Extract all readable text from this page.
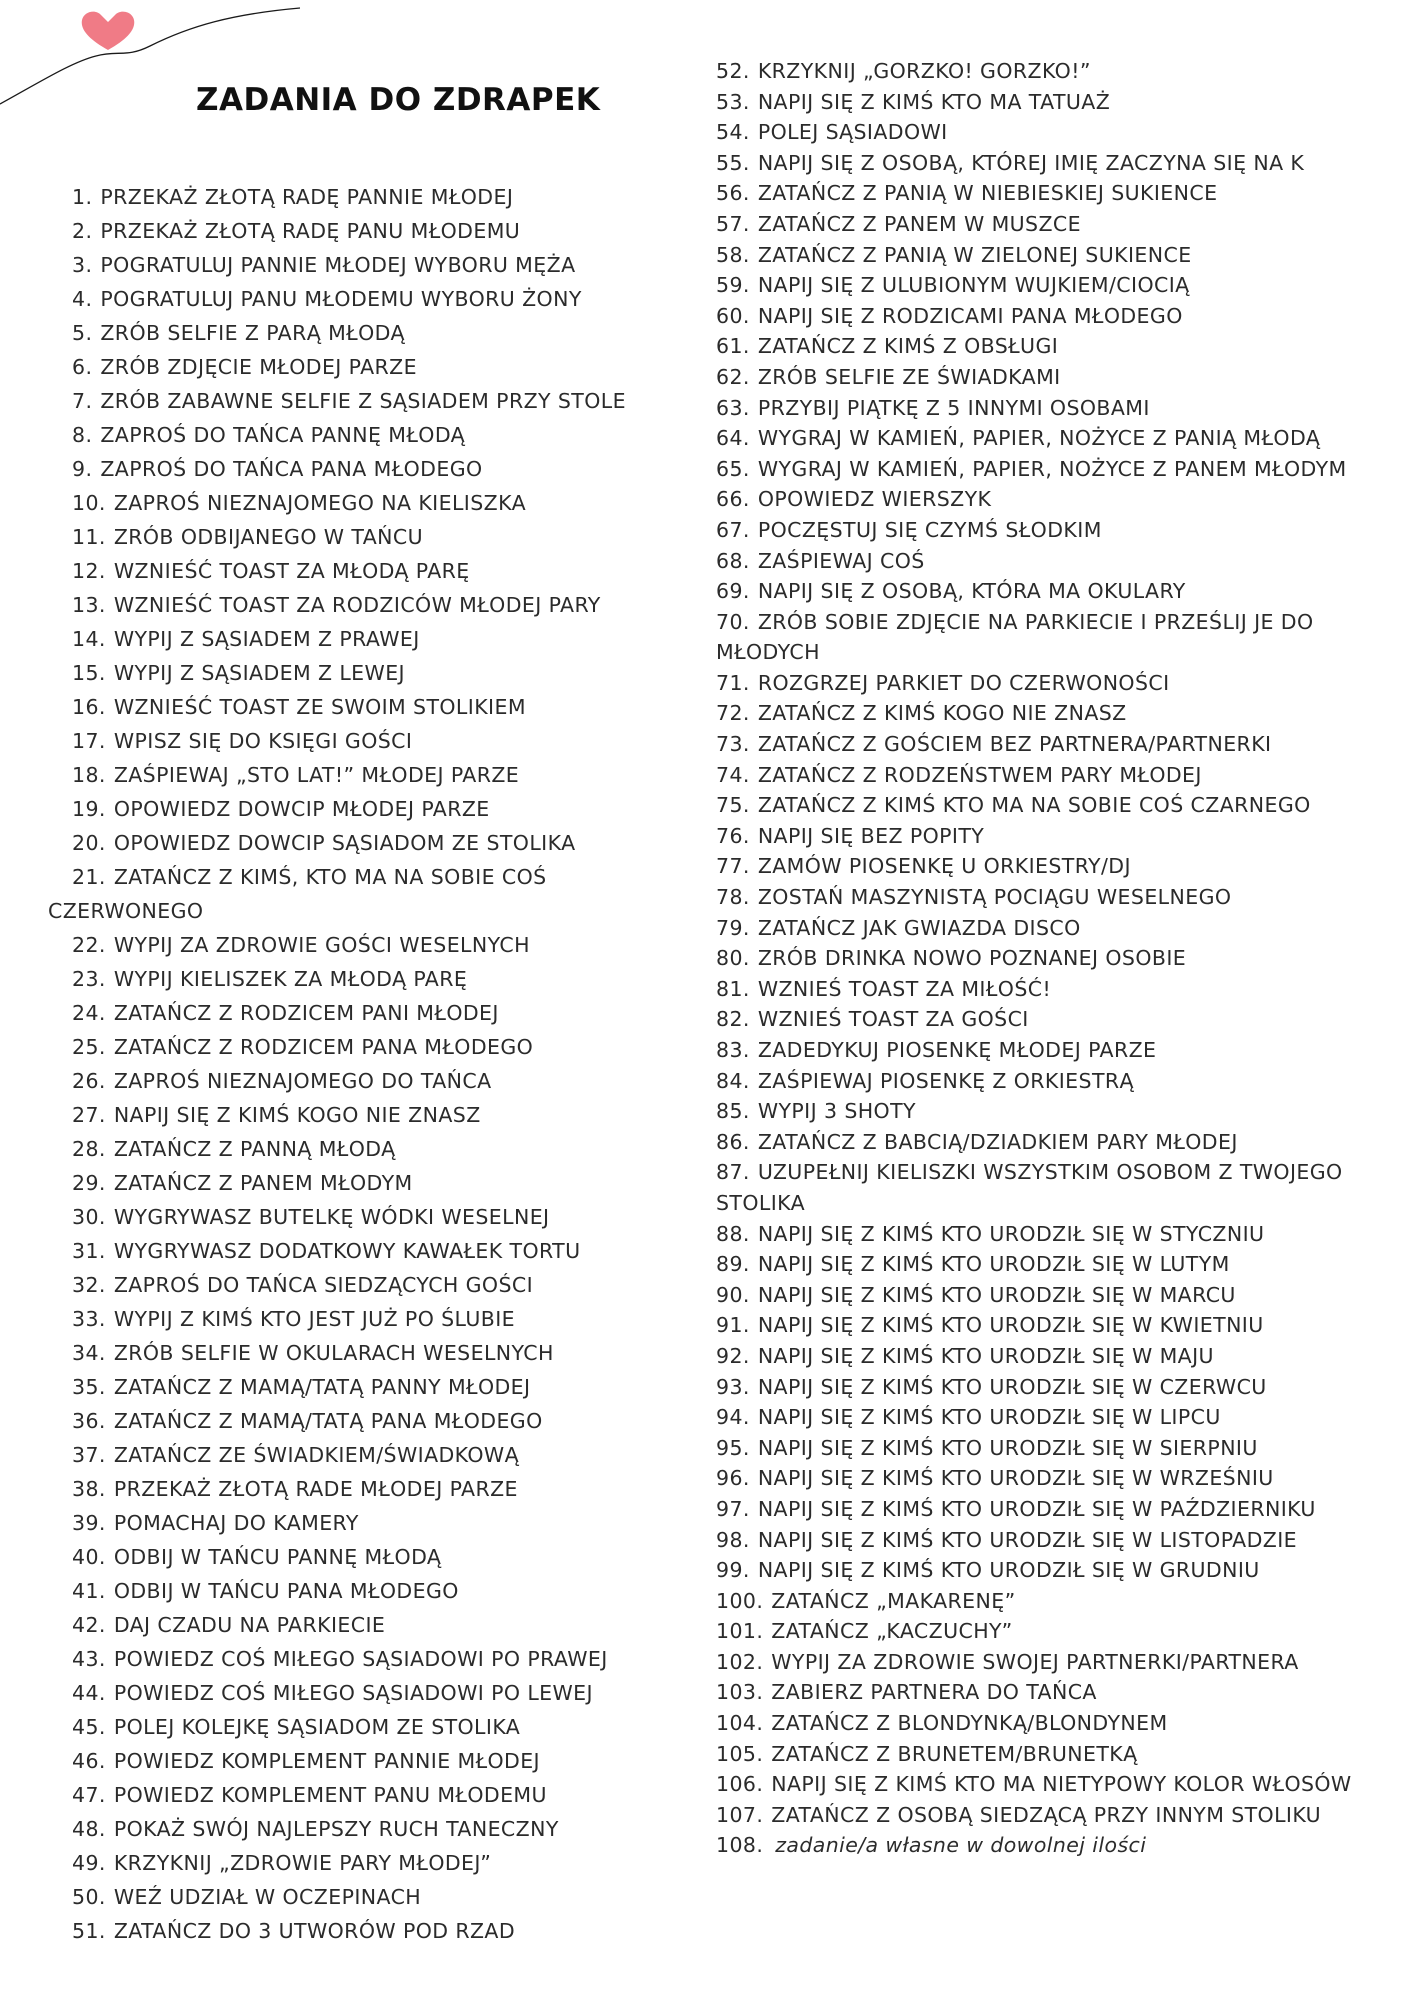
ZADANIA DO ZDRAPEK
1. PRZEKAŻ ZŁOTĄ RADĘ PANNIE MŁODEJ
2. PRZEKAŻ ZŁOTĄ RADĘ PANU MŁODEMU
3. POGRATULUJ PANNIE MŁODEJ WYBORU MĘŻA
4. POGRATULUJ PANU MŁODEMU WYBORU ŻONY
5. ZRÓB SELFIE Z PARĄ MŁODĄ
6. ZRÓB ZDJĘCIE MŁODEJ PARZE
7. ZRÓB ZABAWNE SELFIE Z SĄSIADEM PRZY STOLE
8. ZAPROŚ DO TAŃCA PANNĘ MŁODĄ
9. ZAPROŚ DO TAŃCA PANA MŁODEGO
10. ZAPROŚ NIEZNAJOMEGO NA KIELISZKA
11. ZRÓB ODBIJANEGO W TAŃCU
12. WZNIEŚĆ TOAST ZA MŁODĄ PARĘ
13. WZNIEŚĆ TOAST ZA RODZICÓW MŁODEJ PARY
14. WYPIJ Z SĄSIADEM Z PRAWEJ
15. WYPIJ Z SĄSIADEM Z LEWEJ
16. WZNIEŚĆ TOAST ZE SWOIM STOLIKIEM
17. WPISZ SIĘ DO KSIĘGI GOŚCI
18. ZAŚPIEWAJ „STO LAT!” MŁODEJ PARZE
19. OPOWIEDZ DOWCIP MŁODEJ PARZE
20. OPOWIEDZ DOWCIP SĄSIADOM ZE STOLIKA
21. ZATAŃCZ Z KIMŚ, KTO MA NA SOBIE COŚ CZERWONEGO
22. WYPIJ ZA ZDROWIE GOŚCI WESELNYCH
23. WYPIJ KIELISZEK ZA MŁODĄ PARĘ
24. ZATAŃCZ Z RODZICEM PANI MŁODEJ
25. ZATAŃCZ Z RODZICEM PANA MŁODEGO
26. ZAPROŚ NIEZNAJOMEGO DO TAŃCA
27. NAPIJ SIĘ Z KIMŚ KOGO NIE ZNASZ
28. ZATAŃCZ Z PANNĄ MŁODĄ
29. ZATAŃCZ Z PANEM MŁODYM
30. WYGRYWASZ BUTELKĘ WÓDKI WESELNEJ
31. WYGRYWASZ DODATKOWY KAWAŁEK TORTU
32. ZAPROŚ DO TAŃCA SIEDZĄCYCH GOŚCI
33. WYPIJ Z KIMŚ KTO JEST JUŻ PO ŚLUBIE
34. ZRÓB SELFIE W OKULARACH WESELNYCH
35. ZATAŃCZ Z MAMĄ/TATĄ PANNY MŁODEJ
36. ZATAŃCZ Z MAMĄ/TATĄ PANA MŁODEGO
37. ZATAŃCZ ZE ŚWIADKIEM/ŚWIADKOWĄ
38. PRZEKAŻ ZŁOTĄ RADE MŁODEJ PARZE
39. POMACHAJ DO KAMERY
40. ODBIJ W TAŃCU PANNĘ MŁODĄ
41. ODBIJ W TAŃCU PANA MŁODEGO
42. DAJ CZADU NA PARKIECIE
43. POWIEDZ COŚ MIŁEGO SĄSIADOWI PO PRAWEJ
44. POWIEDZ COŚ MIŁEGO SĄSIADOWI PO LEWEJ
45. POLEJ KOLEJKĘ SĄSIADOM ZE STOLIKA
46. POWIEDZ KOMPLEMENT PANNIE MŁODEJ
47. POWIEDZ KOMPLEMENT PANU MŁODEMU
48. POKAŻ SWÓJ NAJLEPSZY RUCH TANECZNY
49. KRZYKNIJ „ZDROWIE PARY MŁODEJ”
50. WEŹ UDZIAŁ W OCZEPINACH
51. ZATAŃCZ DO 3 UTWORÓW POD RZAD
52. KRZYKNIJ „GORZKO! GORZKO!”
53. NAPIJ SIĘ Z KIMŚ KTO MA TATUAŻ
54. POLEJ SĄSIADOWI
55. NAPIJ SIĘ Z OSOBĄ, KTÓREJ IMIĘ ZACZYNA SIĘ NA K
56. ZATAŃCZ Z PANIĄ W NIEBIESKIEJ SUKIENCE
57. ZATAŃCZ Z PANEM W MUSZCE
58. ZATAŃCZ Z PANIĄ W ZIELONEJ SUKIENCE
59. NAPIJ SIĘ Z ULUBIONYM WUJKIEM/CIOCIĄ
60. NAPIJ SIĘ Z RODZICAMI PANA MŁODEGO
61. ZATAŃCZ Z KIMŚ Z OBSŁUGI
62. ZRÓB SELFIE ZE ŚWIADKAMI
63. PRZYBIJ PIĄTKĘ Z 5 INNYMI OSOBAMI
64. WYGRAJ W KAMIEŃ, PAPIER, NOŻYCE Z PANIĄ MŁODĄ
65. WYGRAJ W KAMIEŃ, PAPIER, NOŻYCE Z PANEM MŁODYM
66. OPOWIEDZ WIERSZYK
67. POCZĘSTUJ SIĘ CZYMŚ SŁODKIM
68. ZAŚPIEWAJ COŚ
69. NAPIJ SIĘ Z OSOBĄ, KTÓRA MA OKULARY
70. ZRÓB SOBIE ZDJĘCIE NA PARKIECIE I PRZEŚLIJ JE DO MŁODYCH
71. ROZGRZEJ PARKIET DO CZERWONOŚCI
72. ZATAŃCZ Z KIMŚ KOGO NIE ZNASZ
73. ZATAŃCZ Z GOŚCIEM BEZ PARTNERA/PARTNERKI
74. ZATAŃCZ Z RODZEŃSTWEM PARY MŁODEJ
75. ZATAŃCZ Z KIMŚ KTO MA NA SOBIE COŚ CZARNEGO
76. NAPIJ SIĘ BEZ POPITY
77. ZAMÓW PIOSENKĘ U ORKIESTRY/DJ
78. ZOSTAŃ MASZYNISTĄ POCIĄGU WESELNEGO
79. ZATAŃCZ JAK GWIAZDA DISCO
80. ZRÓB DRINKA NOWO POZNANEJ OSOBIE
81. WZNIEŚ TOAST ZA MIŁOŚĆ!
82. WZNIEŚ TOAST ZA GOŚCI
83. ZADEDYKUJ PIOSENKĘ MŁODEJ PARZE
84. ZAŚPIEWAJ PIOSENKĘ Z ORKIESTRĄ
85. WYPIJ 3 SHOTY
86. ZATAŃCZ Z BABCIĄ/DZIADKIEM PARY MŁODEJ
87. UZUPEŁNIJ KIELISZKI WSZYSTKIM OSOBOM Z TWOJEGO STOLIKA
88. NAPIJ SIĘ Z KIMŚ KTO URODZIŁ SIĘ W STYCZNIU
89. NAPIJ SIĘ Z KIMŚ KTO URODZIŁ SIĘ W LUTYM
90. NAPIJ SIĘ Z KIMŚ KTO URODZIŁ SIĘ W MARCU
91. NAPIJ SIĘ Z KIMŚ KTO URODZIŁ SIĘ W KWIETNIU
92. NAPIJ SIĘ Z KIMŚ KTO URODZIŁ SIĘ W MAJU
93. NAPIJ SIĘ Z KIMŚ KTO URODZIŁ SIĘ W CZERWCU
94. NAPIJ SIĘ Z KIMŚ KTO URODZIŁ SIĘ W LIPCU
95. NAPIJ SIĘ Z KIMŚ KTO URODZIŁ SIĘ W SIERPNIU
96. NAPIJ SIĘ Z KIMŚ KTO URODZIŁ SIĘ W WRZEŚNIU
97. NAPIJ SIĘ Z KIMŚ KTO URODZIŁ SIĘ W PAŹDZIERNIKU
98. NAPIJ SIĘ Z KIMŚ KTO URODZIŁ SIĘ W LISTOPADZIE
99. NAPIJ SIĘ Z KIMŚ KTO URODZIŁ SIĘ W GRUDNIU
100. ZATAŃCZ „MAKARENĘ”
101. ZATAŃCZ „KACZUCHY”
102. WYPIJ ZA ZDROWIE SWOJEJ PARTNERKI/PARTNERA
103. ZABIERZ PARTNERA DO TAŃCA
104. ZATAŃCZ Z BLONDYNKĄ/BLONDYNEM
105. ZATAŃCZ Z BRUNETEM/BRUNETKĄ
106. NAPIJ SIĘ Z KIMŚ KTO MA NIETYPOWY KOLOR WŁOSÓW
107. ZATAŃCZ Z OSOBĄ SIEDZĄCĄ PRZY INNYM STOLIKU
108. zadanie/a własne w dowolnej ilości
